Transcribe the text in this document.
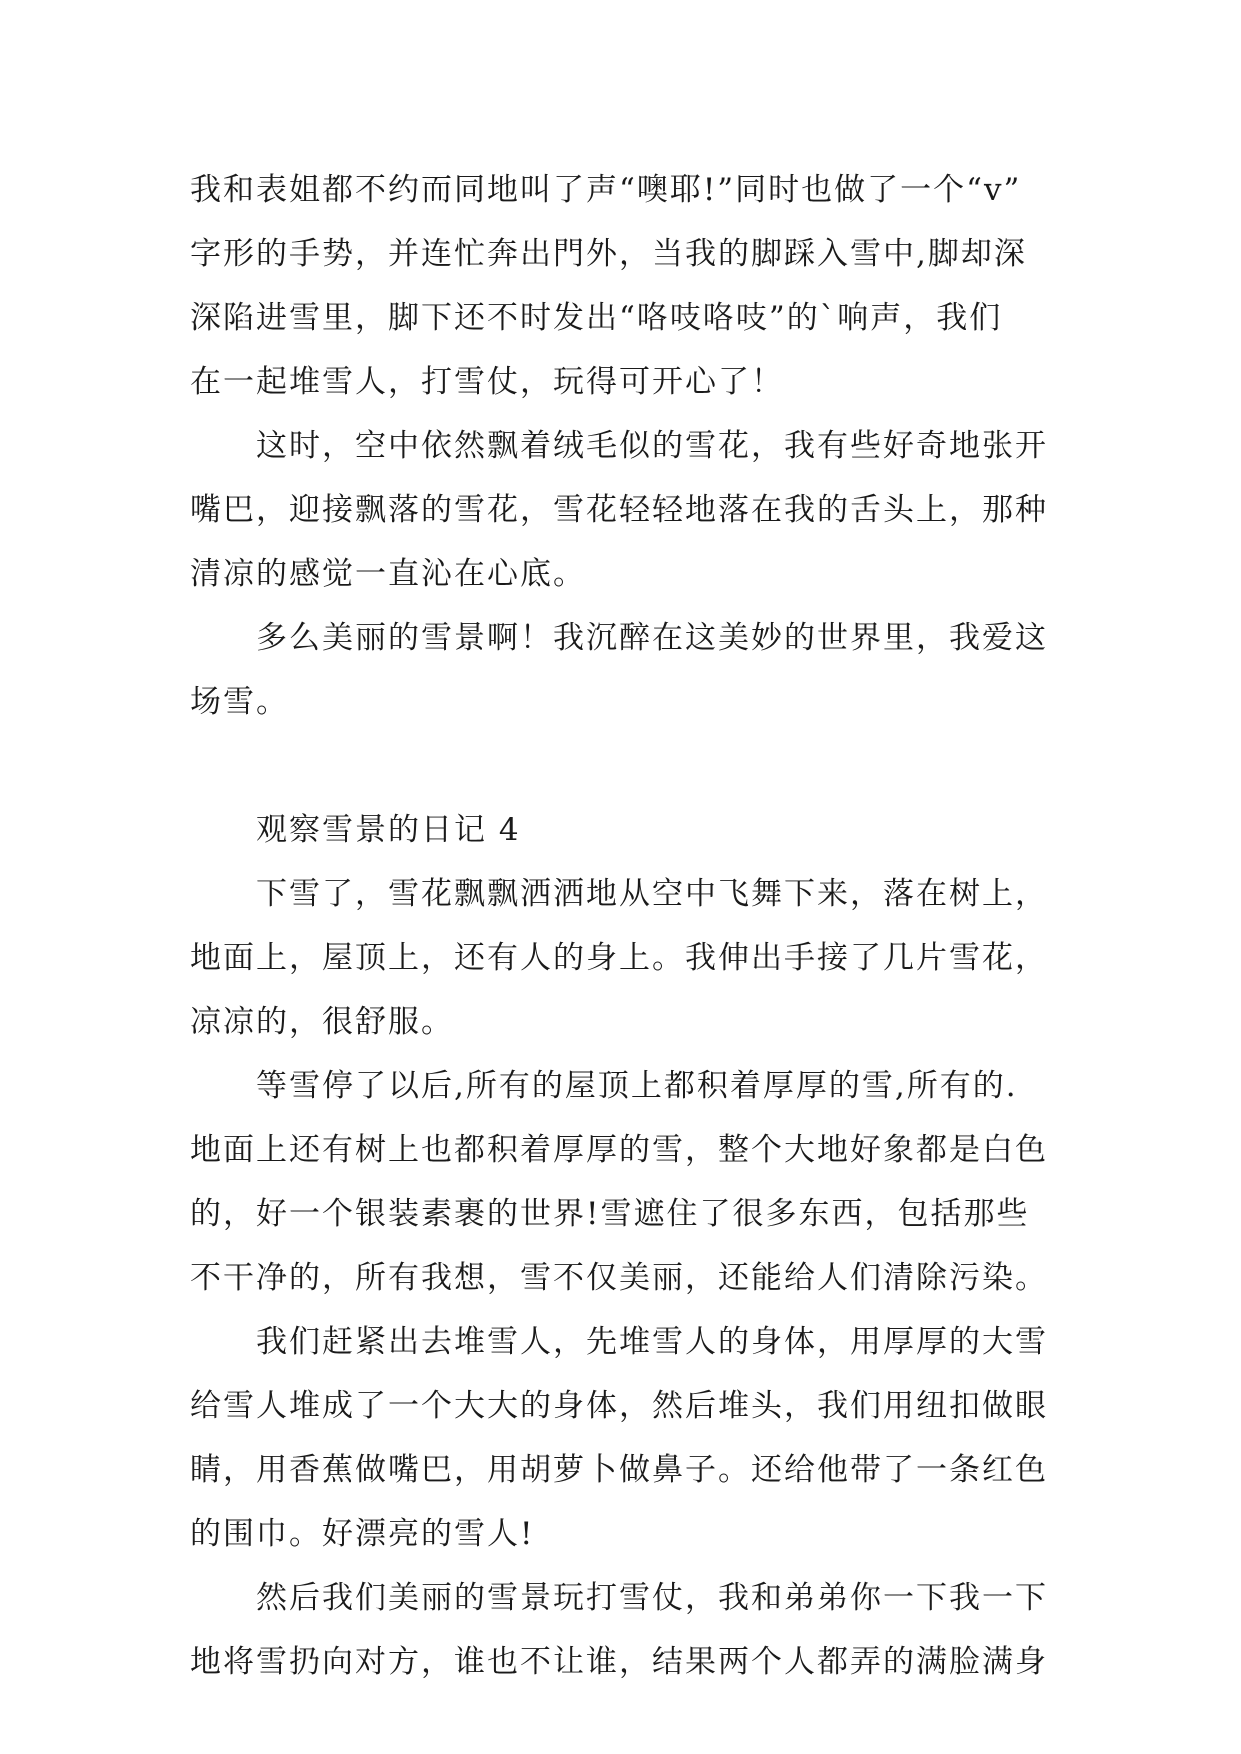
我和表姐都不约而同地叫了声“噢耶!”同时也做了一个“v”
字形的手势，并连忙奔出門外，当我的脚踩入雪中,脚却深
深陷进雪里，脚下还不时发出“咯吱咯吱”的`响声，我们
在一起堆雪人，打雪仗，玩得可开心了！
这时，空中依然飘着绒毛似的雪花，我有些好奇地张开
嘴巴，迎接飘落的雪花，雪花轻轻地落在我的舌头上，那种
清凉的感觉一直沁在心底。
多么美丽的雪景啊！我沉醉在这美妙的世界里，我爱这
场雪。
观察雪景的日记 4
下雪了，雪花飘飘洒洒地从空中飞舞下来，落在树上，
地面上，屋顶上，还有人的身上。我伸出手接了几片雪花，
凉凉的，很舒服。
等雪停了以后,所有的屋顶上都积着厚厚的雪,所有的.
地面上还有树上也都积着厚厚的雪，整个大地好象都是白色
的，好一个银装素裹的世界!雪遮住了很多东西，包括那些
不干净的，所有我想，雪不仅美丽，还能给人们清除污染。
我们赶紧出去堆雪人，先堆雪人的身体，用厚厚的大雪
给雪人堆成了一个大大的身体，然后堆头，我们用纽扣做眼
睛，用香蕉做嘴巴，用胡萝卜做鼻子。还给他带了一条红色
的围巾。好漂亮的雪人!
然后我们美丽的雪景玩打雪仗，我和弟弟你一下我一下
地将雪扔向对方，谁也不让谁，结果两个人都弄的满脸满身
